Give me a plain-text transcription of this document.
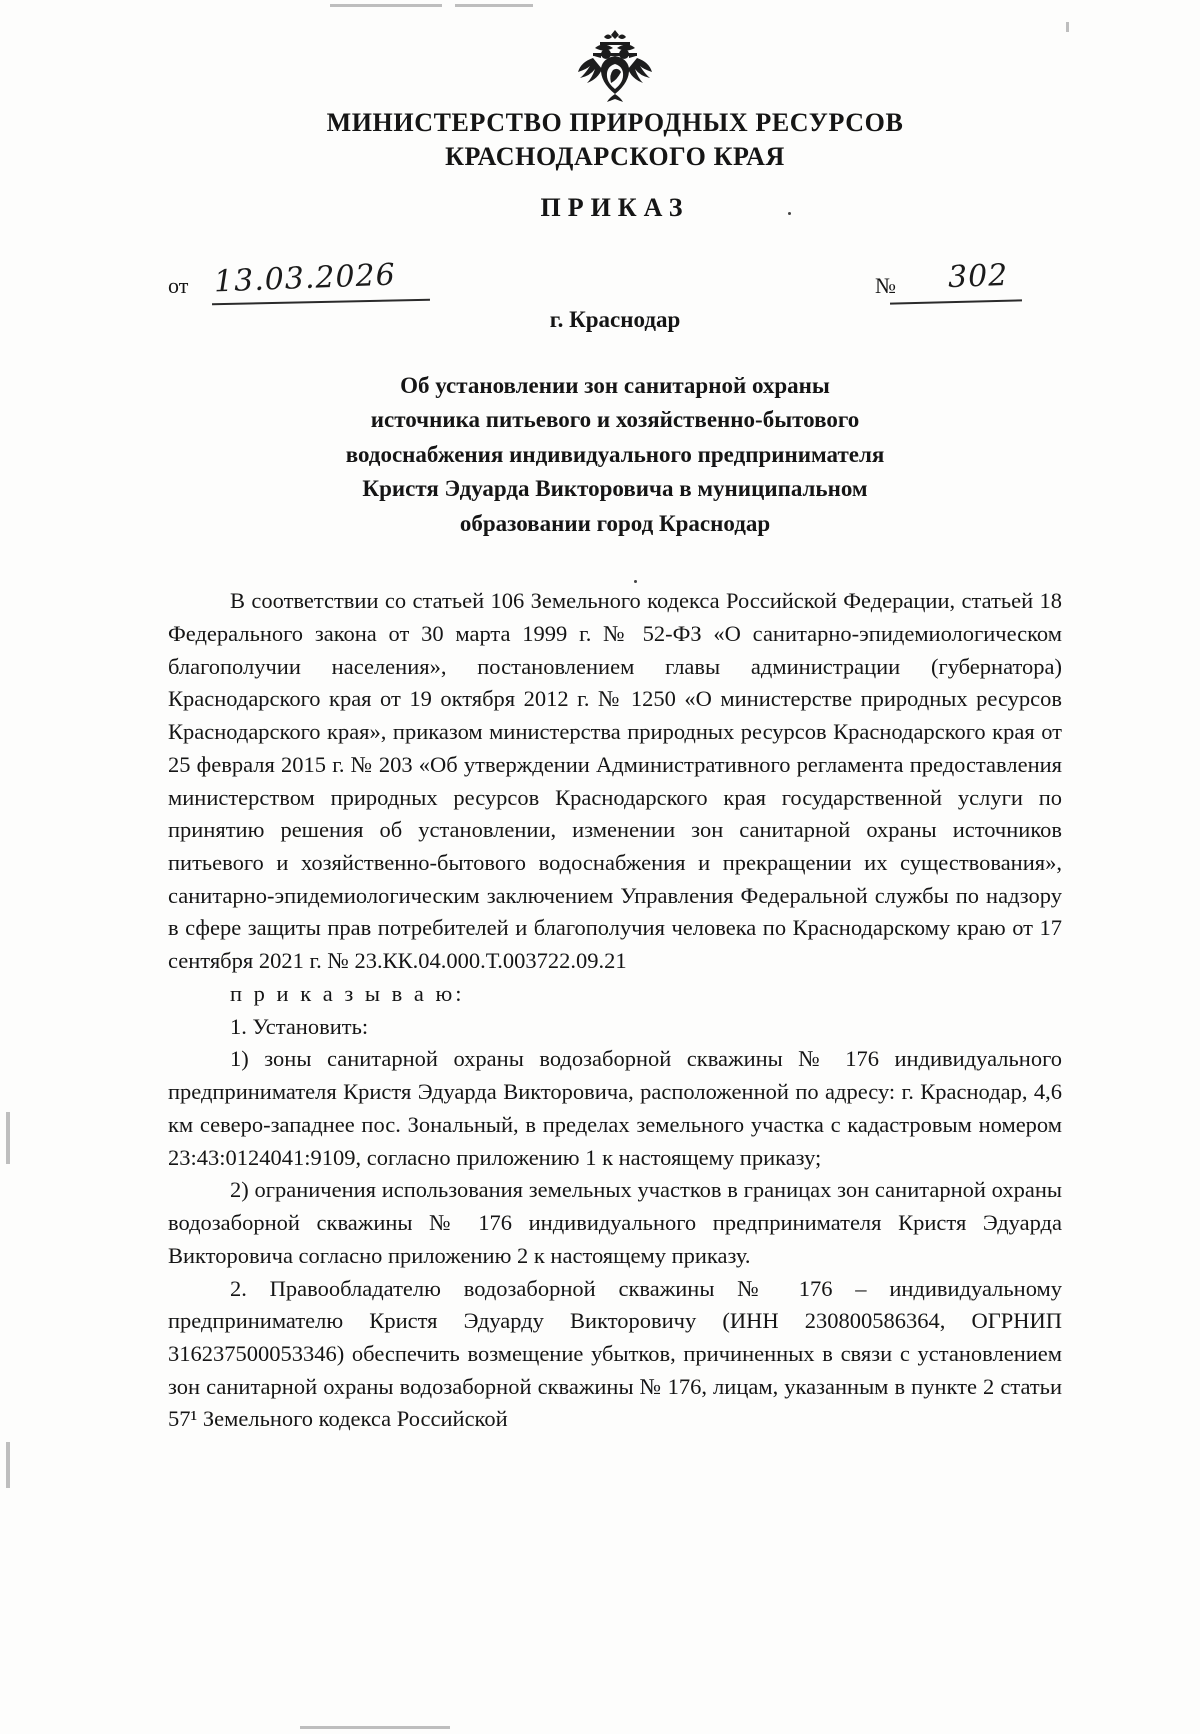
МИНИСТЕРСТВО ПРИРОДНЫХ РЕСУРСОВ
КРАСНОДАРСКОГО КРАЯ
ПРИКАЗ
от 13.03.2026	№ 302
г. Краснодар
Об установлении зон санитарной охраны
источника питьевого и хозяйственно-бытового
водоснабжения индивидуального предпринимателя
Кристя Эдуарда Викторовича в муниципальном
образовании город Краснодар

В соответствии со статьей 106 Земельного кодекса Российской Федерации, статьей 18 Федерального закона от 30 марта 1999 г. № 52-ФЗ «О санитарно-эпидемиологическом благополучии населения», постановлением главы администрации (губернатора) Краснодарского края от 19 октября 2012 г. № 1250 «О министерстве природных ресурсов Краснодарского края», приказом министерства природных ресурсов Краснодарского края от 25 февраля 2015 г. № 203 «Об утверждении Административного регламента предоставления министерством природных ресурсов Краснодарского края государственной услуги по принятию решения об установлении, изменении зон санитарной охраны источников питьевого и хозяйственно-бытового водоснабжения и прекращении их существования», санитарно-эпидемиологическим заключением Управления Федеральной службы по надзору в сфере защиты прав потребителей и благополучия человека по Краснодарскому краю от 17 сентября 2021 г. № 23.КК.04.000.Т.003722.09.21

п р и к а з ы в а ю:

1. Установить:

1) зоны санитарной охраны водозаборной скважины № 176 индивидуального предпринимателя Кристя Эдуарда Викторовича, расположенной по адресу: г. Краснодар, 4,6 км северо-западнее пос. Зональный, в пределах земельного участка с кадастровым номером 23:43:0124041:9109, согласно приложению 1 к настоящему приказу;

2) ограничения использования земельных участков в границах зон санитарной охраны водозаборной скважины № 176 индивидуального предпринимателя Кристя Эдуарда Викторовича согласно приложению 2 к настоящему приказу.

2. Правообладателю водозаборной скважины № 176 – индивидуальному предпринимателю Кристя Эдуарду Викторовичу (ИНН 230800586364, ОГРНИП 316237500053346) обеспечить возмещение убытков, причиненных в связи с установлением зон санитарной охраны водозаборной скважины № 176, лицам, указанным в пункте 2 статьи 57¹ Земельного кодекса Российской
